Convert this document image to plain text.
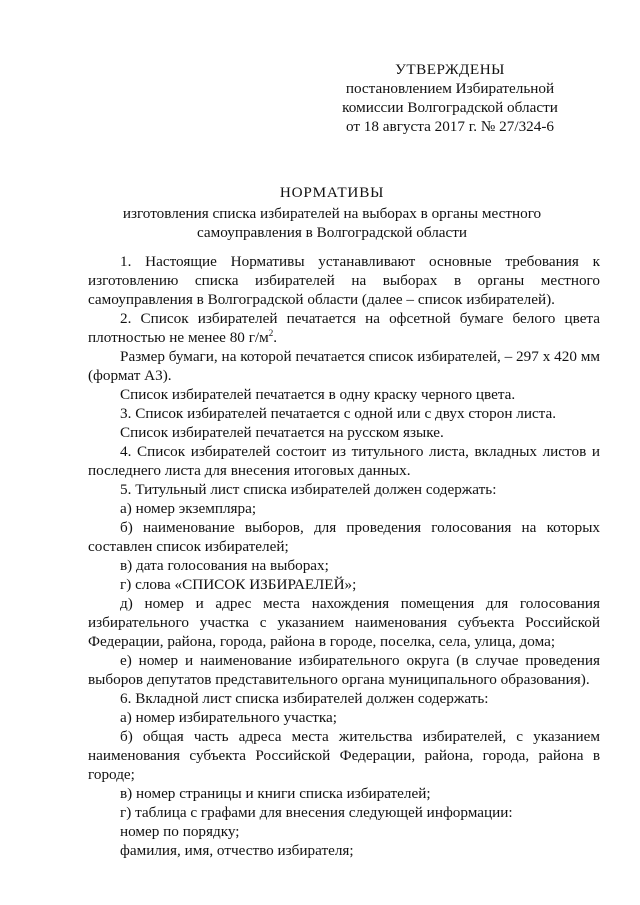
УТВЕРЖДЕНЫ
постановлением Избирательной
комиссии Волгоградской области
от 18 августа 2017 г. № 27/324-6
НОРМАТИВЫ
изготовления списка избирателей на выборах в органы местного
самоуправления в Волгоградской области

1. Настоящие Нормативы устанавливают основные требования к изготовлению списка избирателей на выборах в органы местного самоуправления в Волгоградской области (далее – список избирателей).

2. Список избирателей печатается на офсетной бумаге белого цвета плотностью не менее 80 $г/м^2$.

Размер бумаги, на которой печатается список избирателей, – 297 х 420 мм (формат А3).

Список избирателей печатается в одну краску черного цвета.

3. Список избирателей печатается с одной или с двух сторон листа.

Список избирателей печатается на русском языке.

4. Список избирателей состоит из титульного листа, вкладных листов и последнего листа для внесения итоговых данных.

5. Титульный лист списка избирателей должен содержать:

а) номер экземпляра;

б) наименование выборов, для проведения голосования на которых составлен список избирателей;

в) дата голосования на выборах;

г) слова «СПИСОК ИЗБИРАЕЛЕЙ»;

д) номер и адрес места нахождения помещения для голосования избирательного участка с указанием наименования субъекта Российской Федерации, района, города, района в городе, поселка, села, улица, дома;

е) номер и наименование избирательного округа (в случае проведения выборов депутатов представительного органа муниципального образования).

6. Вкладной лист списка избирателей должен содержать:

а) номер избирательного участка;

б) общая часть адреса места жительства избирателей, с указанием наименования субъекта Российской Федерации, района, города, района в городе;

в) номер страницы и книги списка избирателей;

г) таблица с графами для внесения следующей информации:

номер по порядку;

фамилия, имя, отчество избирателя;
